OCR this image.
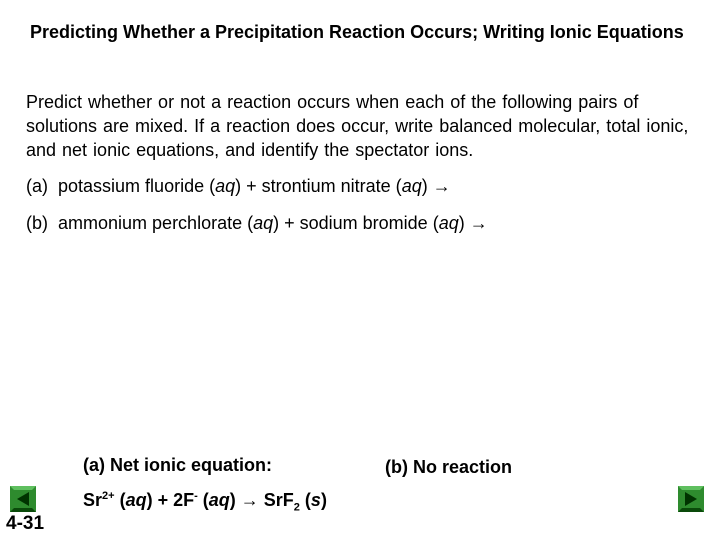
Predicting Whether a Precipitation Reaction Occurs; Writing Ionic Equations
Predict whether or not a reaction occurs when each of the following pairs of solutions are mixed. If a reaction does occur, write balanced molecular, total ionic, and net ionic equations, and identify the spectator ions.
(a) potassium fluoride (aq) + strontium nitrate (aq) →
(b) ammonium perchlorate (aq) + sodium bromide (aq) →
(a) Net ionic equation:	(b) No reaction
$Sr^{2+}$ (aq) + 2F- (aq) → SrF$_2$ (s)
4-31
